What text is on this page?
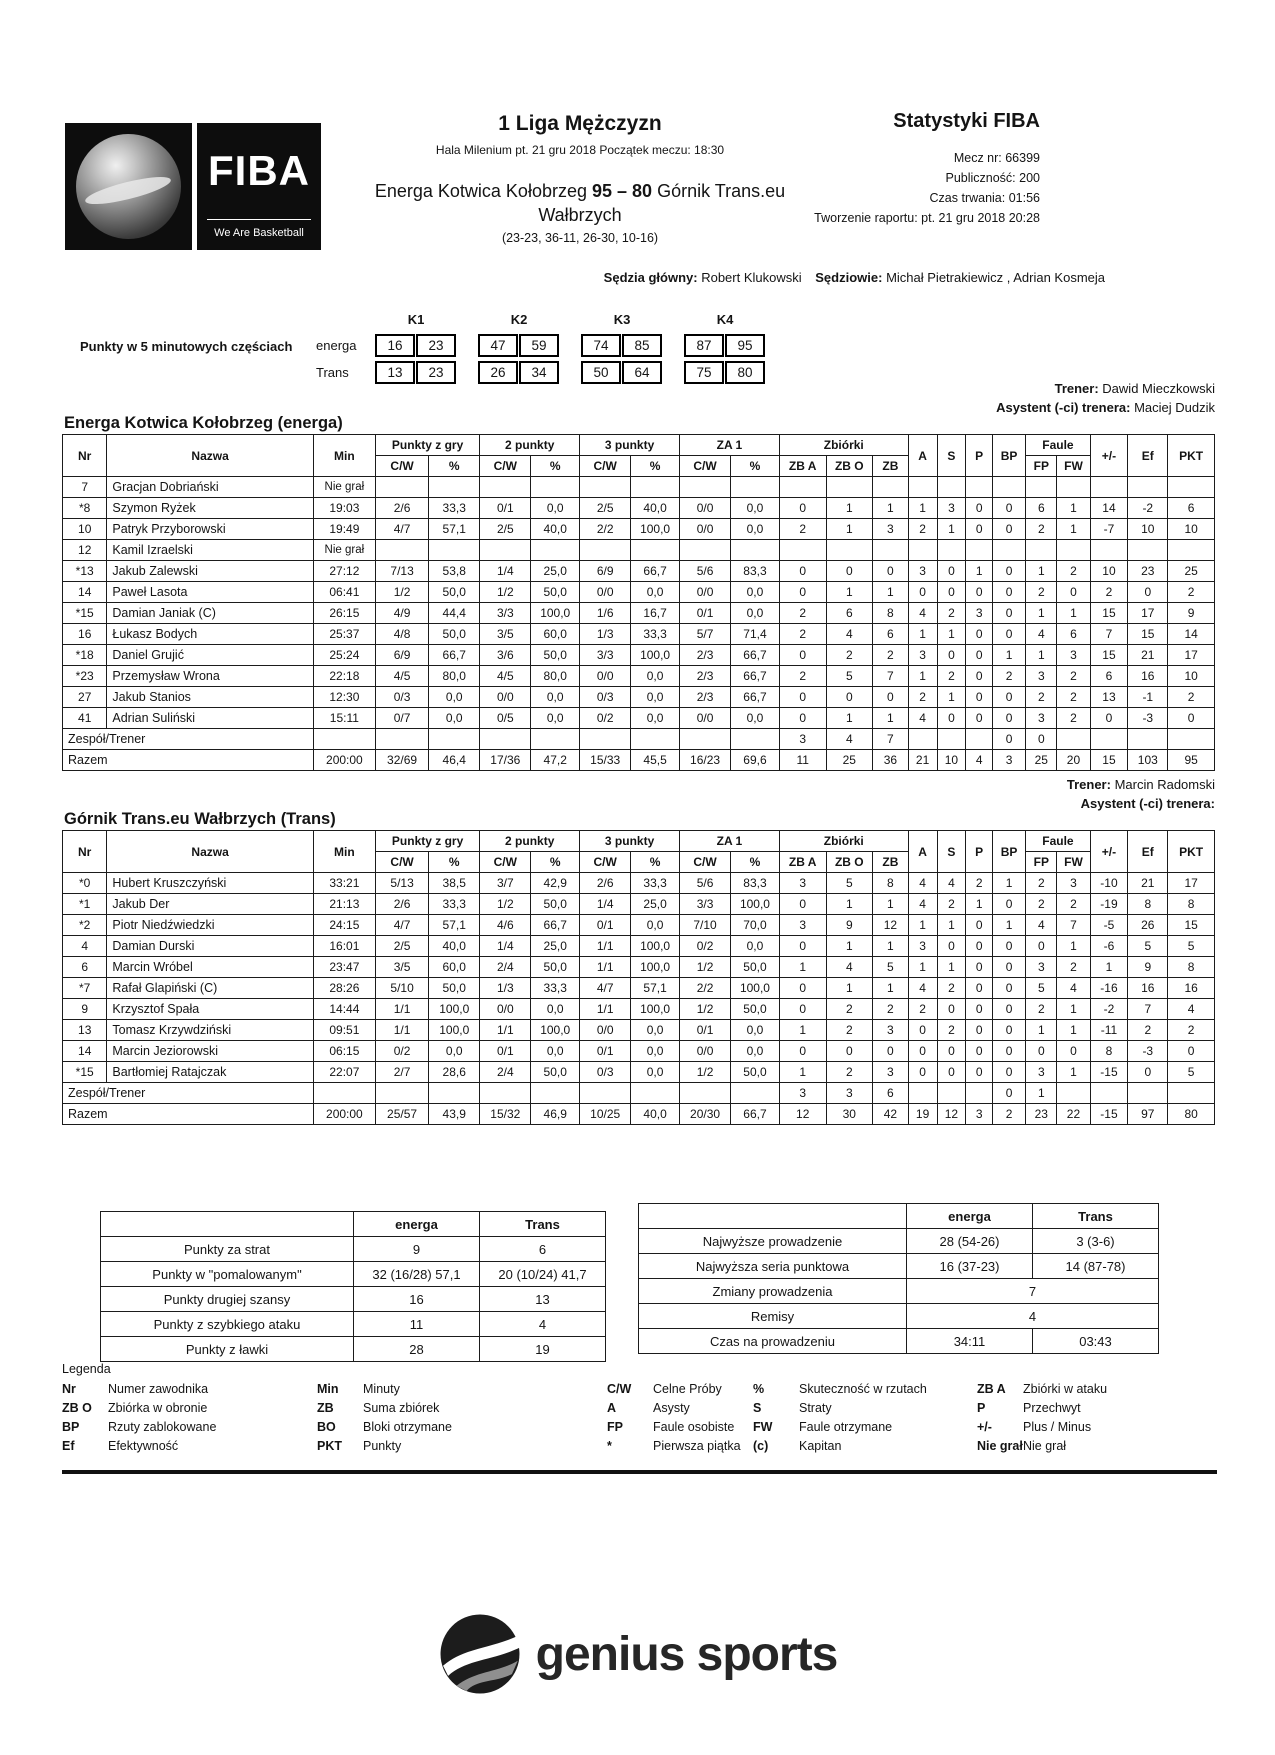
FIBA
We Are Basketball
1 Liga Mężczyzn
Hala Milenium pt. 21 gru 2018 Początek meczu: 18:30
Energa Kotwica Kołobrzeg 95 – 80 Górnik Trans.eu
Wałbrzych
(23-23, 36-11, 26-30, 10-16)
Statystyki FIBA
Mecz nr: 66399
Publiczność: 200
Czas trwania: 01:56
Tworzenie raportu: pt. 21 gru 2018 20:28
Sędzia główny: Robert Klukowski Sędziowie: Michał Pietrakiewicz , Adrian Kosmeja
Punkty w 5 minutowych częściach
K1	K2	K3	K4
energa	16	23	47	59	74	85	87	95
Trans	13	23	26	34	50	64	75	80
Trener: Dawid Mieczkowski
Asystent (-ci) trenera: Maciej Dudzik
Energa Kotwica Kołobrzeg (energa)
Nr	Nazwa	Min	Punkty z gry		2 punkty		3 punkty		ZA 1		Zbiórki			A	S	P	BP	Faule		+/-	Ef	PKT
			C/W	%	C/W	%	C/W	%	C/W	%	ZB A	ZB O	ZB					FP	FW			
7	Gracjan Dobriański	Nie grał																				
*8	Szymon Ryżek	19:03	2/6	33,3	0/1	0,0	2/5	40,0	0/0	0,0	0	1	1	1	3	0	0	6	1	14	-2	6
10	Patryk Przyborowski	19:49	4/7	57,1	2/5	40,0	2/2	100,0	0/0	0,0	2	1	3	2	1	0	0	2	1	-7	10	10
12	Kamil Izraelski	Nie grał																				
*13	Jakub Zalewski	27:12	7/13	53,8	1/4	25,0	6/9	66,7	5/6	83,3	0	0	0	3	0	1	0	1	2	10	23	25
14	Paweł Lasota	06:41	1/2	50,0	1/2	50,0	0/0	0,0	0/0	0,0	0	1	1	0	0	0	0	2	0	2	0	2
*15	Damian Janiak (C)	26:15	4/9	44,4	3/3	100,0	1/6	16,7	0/1	0,0	2	6	8	4	2	3	0	1	1	15	17	9
16	Łukasz Bodych	25:37	4/8	50,0	3/5	60,0	1/3	33,3	5/7	71,4	2	4	6	1	1	0	0	4	6	7	15	14
*18	Daniel Grujić	25:24	6/9	66,7	3/6	50,0	3/3	100,0	2/3	66,7	0	2	2	3	0	0	1	1	3	15	21	17
*23	Przemysław Wrona	22:18	4/5	80,0	4/5	80,0	0/0	0,0	2/3	66,7	2	5	7	1	2	0	2	3	2	6	16	10
27	Jakub Stanios	12:30	0/3	0,0	0/0	0,0	0/3	0,0	2/3	66,7	0	0	0	2	1	0	0	2	2	13	-1	2
41	Adrian Suliński	15:11	0/7	0,0	0/5	0,0	0/2	0,0	0/0	0,0	0	1	1	4	0	0	0	3	2	0	-3	0
Zespół/Trener											3	4	7				0	0				
Razem		200:00	32/69	46,4	17/36	47,2	15/33	45,5	16/23	69,6	11	25	36	21	10	4	3	25	20	15	103	95
Trener: Marcin Radomski
Asystent (-ci) trenera:
Górnik Trans.eu Wałbrzych (Trans)
Nr	Nazwa	Min	Punkty z gry		2 punkty		3 punkty		ZA 1		Zbiórki			A	S	P	BP	Faule		+/-	Ef	PKT
			C/W	%	C/W	%	C/W	%	C/W	%	ZB A	ZB O	ZB					FP	FW			
*0	Hubert Kruszczyński	33:21	5/13	38,5	3/7	42,9	2/6	33,3	5/6	83,3	3	5	8	4	4	2	1	2	3	-10	21	17
*1	Jakub Der	21:13	2/6	33,3	1/2	50,0	1/4	25,0	3/3	100,0	0	1	1	4	2	1	0	2	2	-19	8	8
*2	Piotr Niedźwiedzki	24:15	4/7	57,1	4/6	66,7	0/1	0,0	7/10	70,0	3	9	12	1	1	0	1	4	7	-5	26	15
4	Damian Durski	16:01	2/5	40,0	1/4	25,0	1/1	100,0	0/2	0,0	0	1	1	3	0	0	0	0	1	-6	5	5
6	Marcin Wróbel	23:47	3/5	60,0	2/4	50,0	1/1	100,0	1/2	50,0	1	4	5	1	1	0	0	3	2	1	9	8
*7	Rafał Glapiński (C)	28:26	5/10	50,0	1/3	33,3	4/7	57,1	2/2	100,0	0	1	1	4	2	0	0	5	4	-16	16	16
9	Krzysztof Spała	14:44	1/1	100,0	0/0	0,0	1/1	100,0	1/2	50,0	0	2	2	2	0	0	0	2	1	-2	7	4
13	Tomasz Krzywdziński	09:51	1/1	100,0	1/1	100,0	0/0	0,0	0/1	0,0	1	2	3	0	2	0	0	1	1	-11	2	2
14	Marcin Jeziorowski	06:15	0/2	0,0	0/1	0,0	0/1	0,0	0/0	0,0	0	0	0	0	0	0	0	0	0	8	-3	0
*15	Bartłomiej Ratajczak	22:07	2/7	28,6	2/4	50,0	0/3	0,0	1/2	50,0	1	2	3	0	0	0	0	3	1	-15	0	5
Zespół/Trener											3	3	6				0	1				
Razem		200:00	25/57	43,9	15/32	46,9	10/25	40,0	20/30	66,7	12	30	42	19	12	3	2	23	22	-15	97	80
	energa	Trans
Punkty za strat	9	6
Punkty w "pomalowanym"	32 (16/28) 57,1	20 (10/24) 41,7
Punkty drugiej szansy	16	13
Punkty z szybkiego ataku	11	4
Punkty z ławki	28	19
	energa	Trans
Najwyższe prowadzenie	28 (54-26)	3 (3-6)
Najwyższa seria punktowa	16 (37-23)	14 (87-78)
Zmiany prowadzenia	7	
Remisy	4	
Czas na prowadzeniu	34:11	03:43
Legenda
Nr	Numer zawodnika
ZB O Zbiórka w obronie
BP Rzuty zablokowane
Ef	Efektywność
Min Minuty
ZB Suma zbiórek
BO Bloki otrzymane
PKT Punkty
C/W Celne Próby
A	Asysty
FP Faule osobiste
*	Pierwsza piątka
%	Skuteczność w rzutach
S	Straty
FW Faule otrzymane
(c) Kapitan
ZB A Zbiórki w ataku
P	Przechwyt
+/- Plus / Minus
Nie grałNie grał
genius sports
